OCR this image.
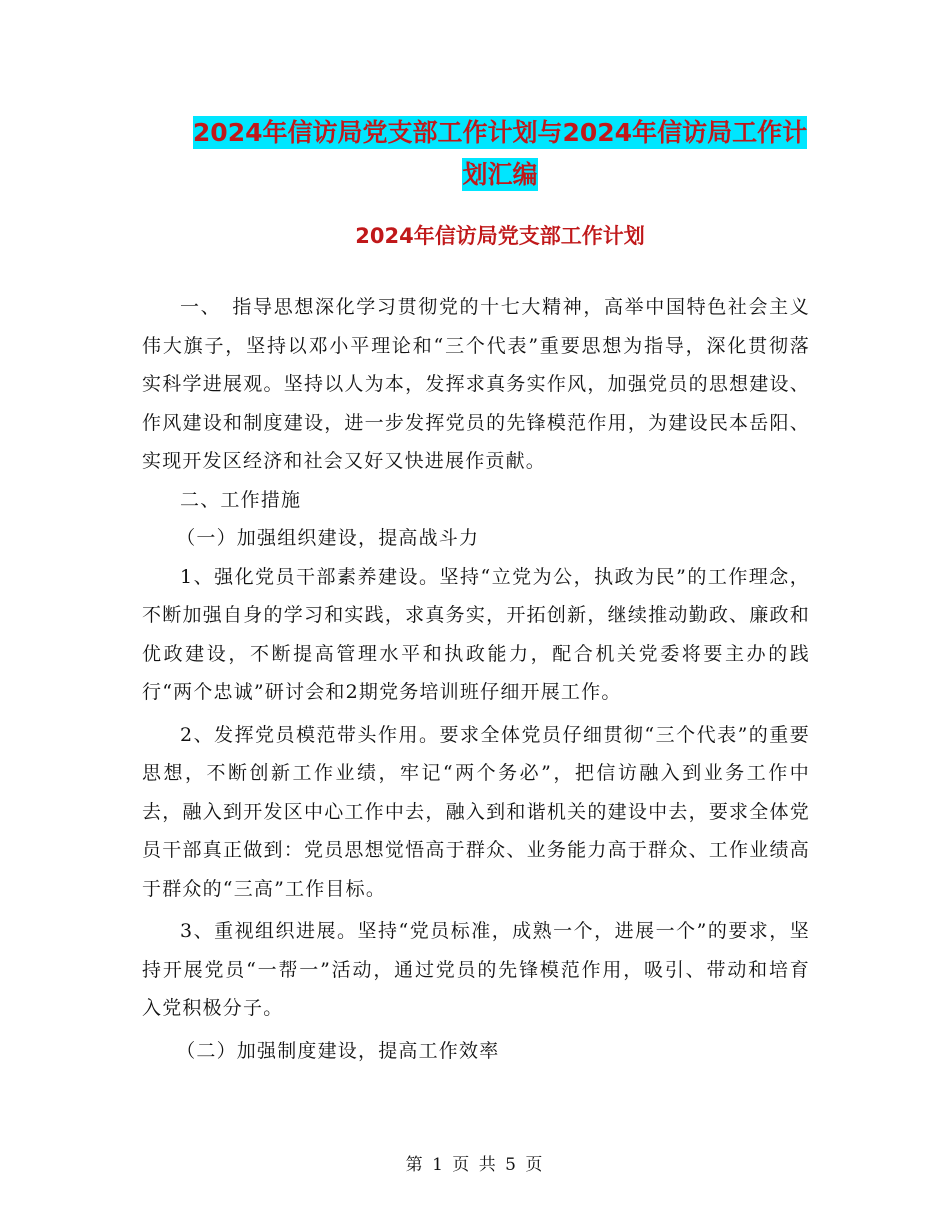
2024年信访局党支部工作计划与2024年信访局工作计
划汇编
2024年信访局党支部工作计划

一、　指导思想深化学习贯彻党的十七大精神，高举中国特色社会主义伟大旗子，坚持以邓小平理论和“三个代表”重要思想为指导，深化贯彻落实科学进展观。坚持以人为本，发挥求真务实作风，加强党员的思想建设、作风建设和制度建设，进一步发挥党员的先锋模范作用，为建设民本岳阳、实现开发区经济和社会又好又快进展作贡献。

二、工作措施

（一）加强组织建设，提高战斗力

1、强化党员干部素养建设。坚持“立党为公，执政为民”的工作理念，不断加强自身的学习和实践，求真务实，开拓创新，继续推动勤政、廉政和优政建设，不断提高管理水平和执政能力，配合机关党委将要主办的践行“两个忠诚”研讨会和2期党务培训班仔细开展工作。

2、发挥党员模范带头作用。要求全体党员仔细贯彻“三个代表”的重要思想，不断创新工作业绩，牢记“两个务必”，把信访融入到业务工作中去，融入到开发区中心工作中去，融入到和谐机关的建设中去，要求全体党员干部真正做到：党员思想觉悟高于群众、业务能力高于群众、工作业绩高于群众的“三高”工作目标。

3、重视组织进展。坚持“党员标准，成熟一个，进展一个”的要求，坚持开展党员“一帮一”活动，通过党员的先锋模范作用，吸引、带动和培育入党积极分子。

（二）加强制度建设，提高工作效率

第 1 页 共 5 页
